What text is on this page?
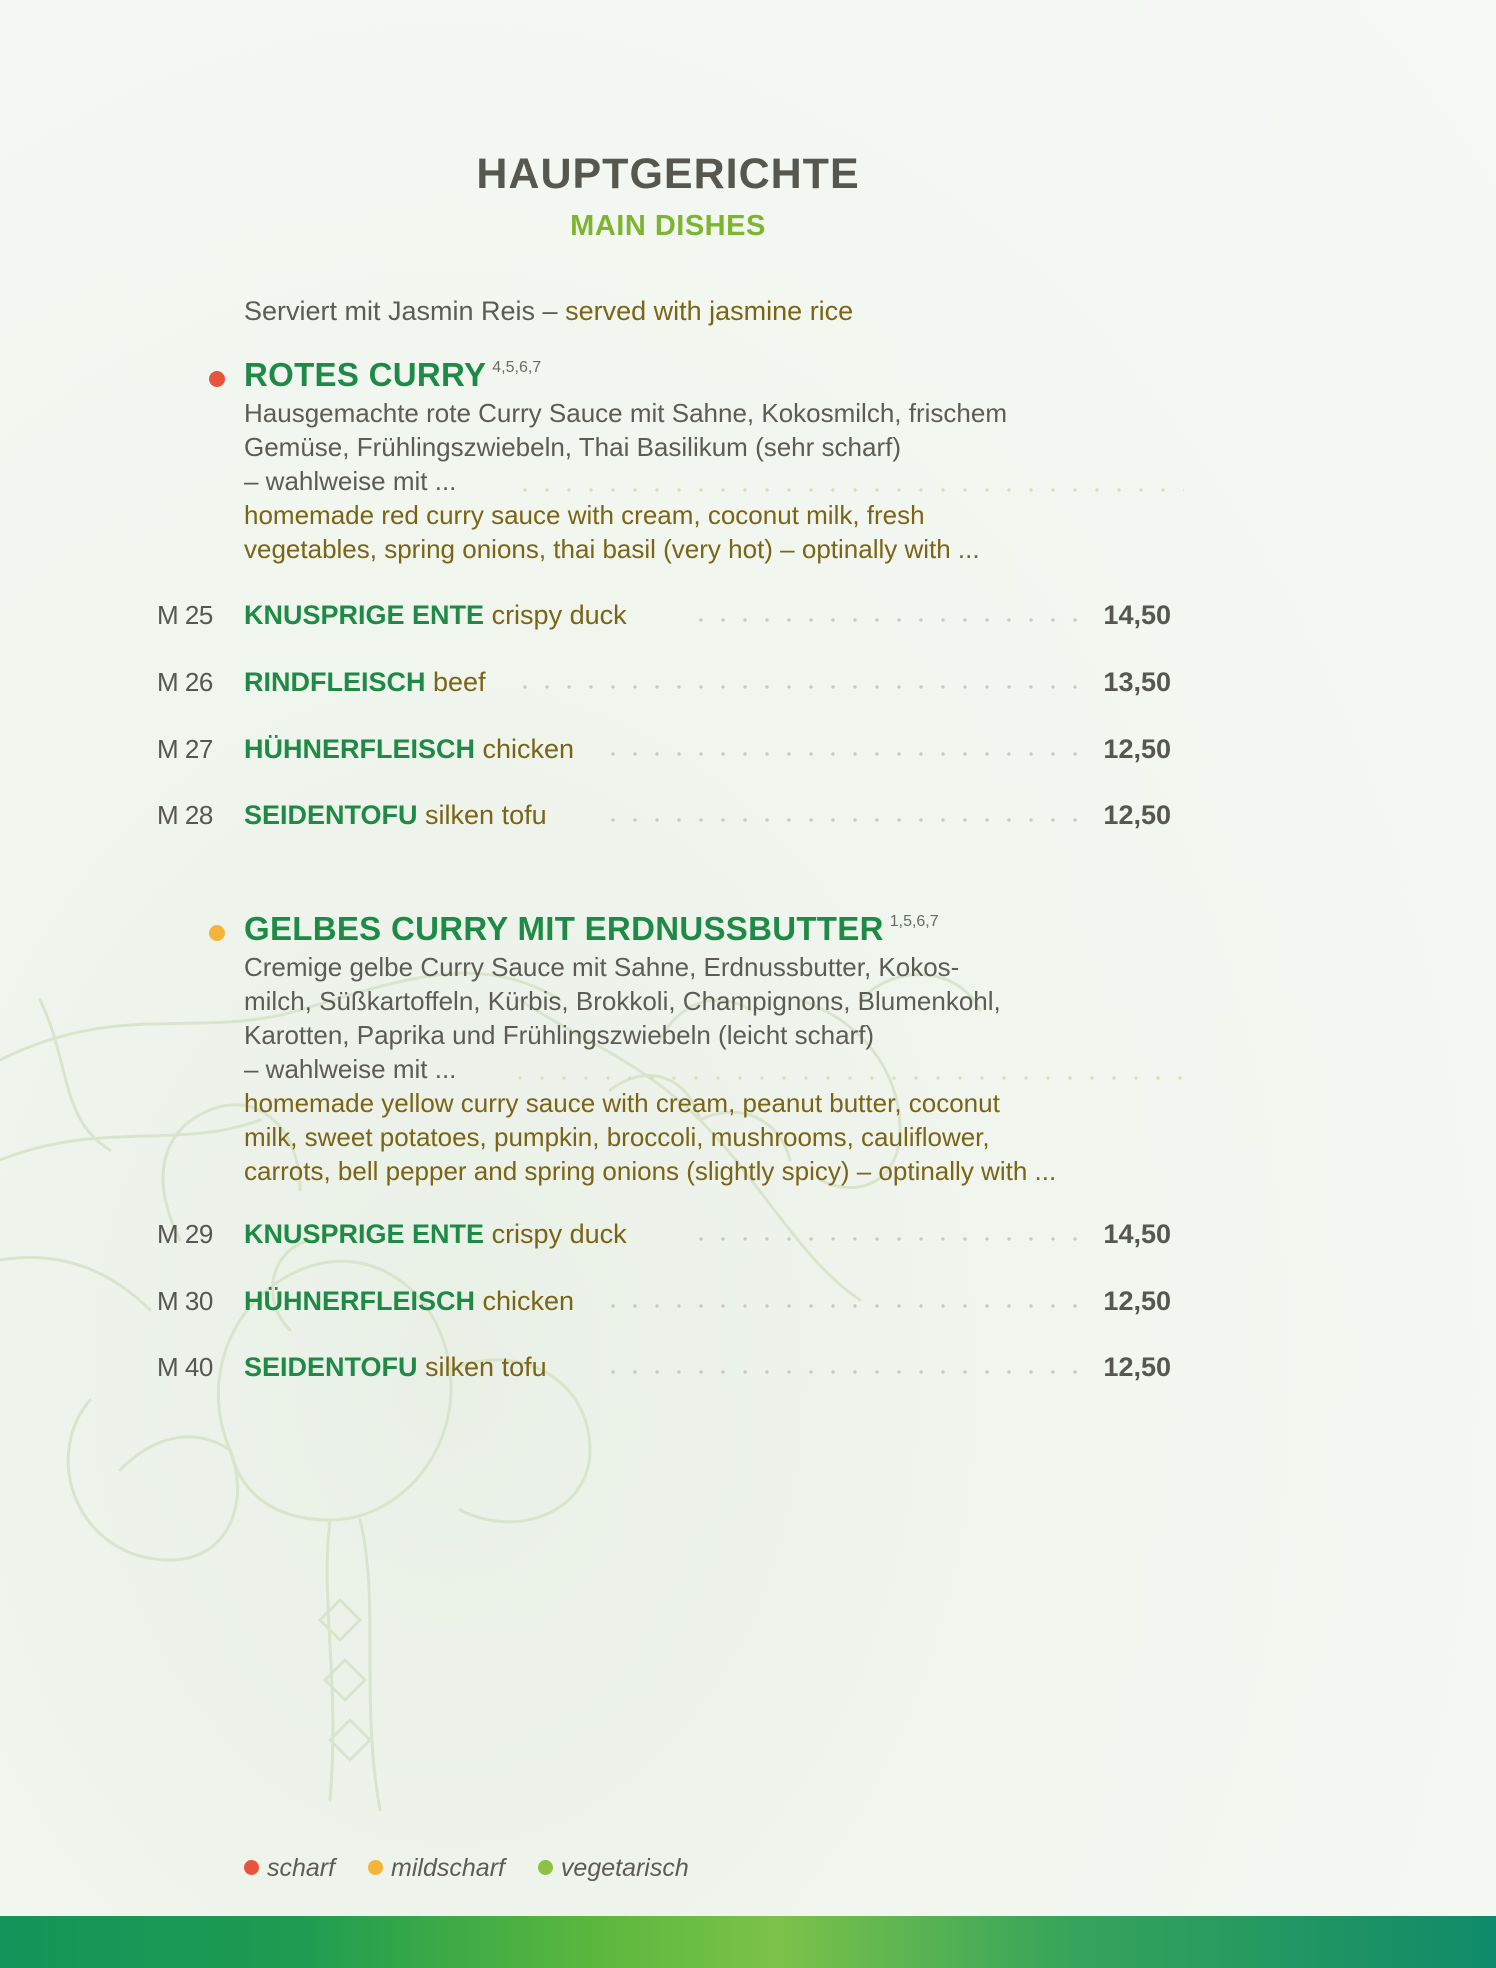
HAUPTGERICHTE
MAIN DISHES
Serviert mit Jasmin Reis – served with jasmine rice
ROTES CURRY 4,5,6,7
Hausgemachte rote Curry Sauce mit Sahne, Kokosmilch, frischem
Gemüse, Frühlingszwiebeln, Thai Basilikum (sehr scharf)
– wahlweise mit ...
homemade red curry sauce with cream, coconut milk, fresh
vegetables, spring onions, thai basil (very hot) – optinally with ...
M 25 KNUSPRIGE ENTE crispy duck	14,50
M 26 RINDFLEISCH beef	13,50
M 27 HÜHNERFLEISCH chicken	12,50
M 28 SEIDENTOFU silken tofu	12,50
GELBES CURRY MIT ERDNUSSBUTTER 1,5,6,7
Cremige gelbe Curry Sauce mit Sahne, Erdnussbutter, Kokos-
milch, Süßkartoffeln, Kürbis, Brokkoli, Champignons, Blumenkohl,
Karotten, Paprika und Frühlingszwiebeln (leicht scharf)
– wahlweise mit ...
homemade yellow curry sauce with cream, peanut butter, coconut
milk, sweet potatoes, pumpkin, broccoli, mushrooms, cauliflower,
carrots, bell pepper and spring onions (slightly spicy) – optinally with ...
M 29 KNUSPRIGE ENTE crispy duck	14,50
M 30 HÜHNERFLEISCH chicken	12,50
M 40 SEIDENTOFU silken tofu	12,50
scharf mildscharf vegetarisch
